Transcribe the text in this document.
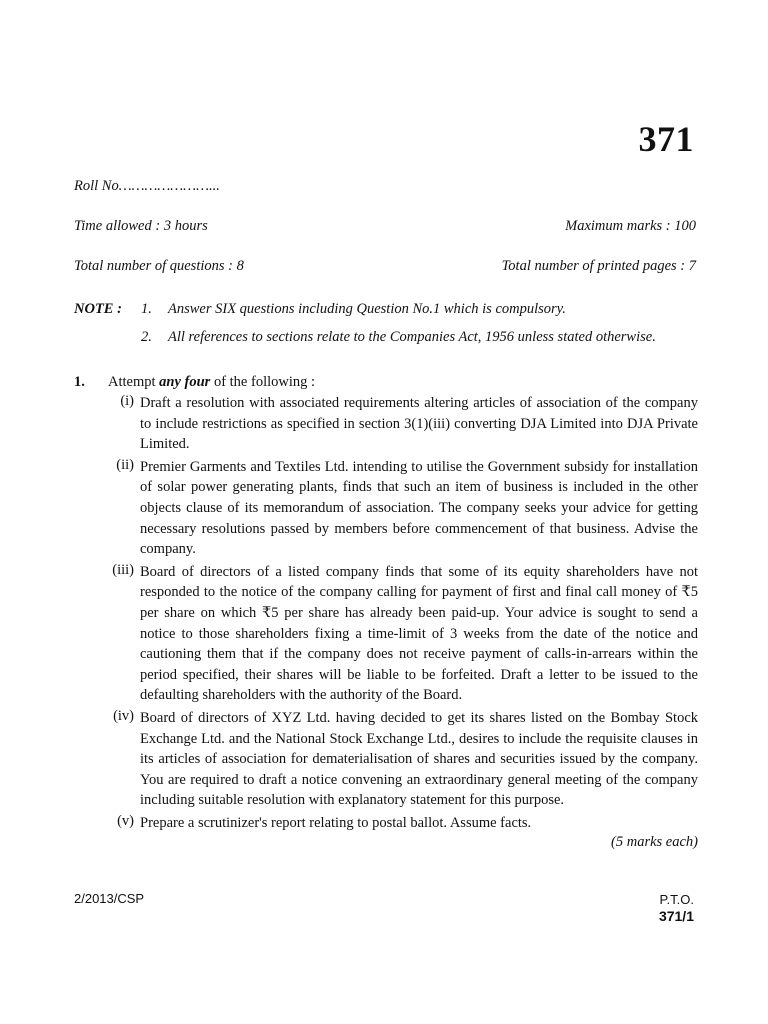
371
Roll No…………………...
Time allowed : 3 hours	Maximum marks : 100
Total number of questions : 8	Total number of printed pages : 7
NOTE :	1.	Answer SIX questions including Question No.1 which is compulsory.
2.	All references to sections relate to the Companies Act, 1956 unless stated otherwise.
1.	Attempt any four of the following :
(i) Draft a resolution with associated requirements altering articles of association of the company to include restrictions as specified in section 3(1)(iii) converting DJA Limited into DJA Private Limited.
(ii) Premier Garments and Textiles Ltd. intending to utilise the Government subsidy for installation of solar power generating plants, finds that such an item of business is included in the other objects clause of its memorandum of association. The company seeks your advice for getting necessary resolutions passed by members before commencement of that business. Advise the company.
(iii) Board of directors of a listed company finds that some of its equity shareholders have not responded to the notice of the company calling for payment of first and final call money of ₹5 per share on which ₹5 per share has already been paid-up. Your advice is sought to send a notice to those shareholders fixing a time-limit of 3 weeks from the date of the notice and cautioning them that if the company does not receive payment of calls-in-arrears within the period specified, their shares will be liable to be forfeited. Draft a letter to be issued to the defaulting shareholders with the authority of the Board.
(iv) Board of directors of XYZ Ltd. having decided to get its shares listed on the Bombay Stock Exchange Ltd. and the National Stock Exchange Ltd., desires to include the requisite clauses in its articles of association for dematerialisation of shares and securities issued by the company. You are required to draft a notice convening an extraordinary general meeting of the company including suitable resolution with explanatory statement for this purpose.
(v) Prepare a scrutinizer's report relating to postal ballot. Assume facts.
(5 marks each)
2/2013/CSP	P.T.O.
371/1
